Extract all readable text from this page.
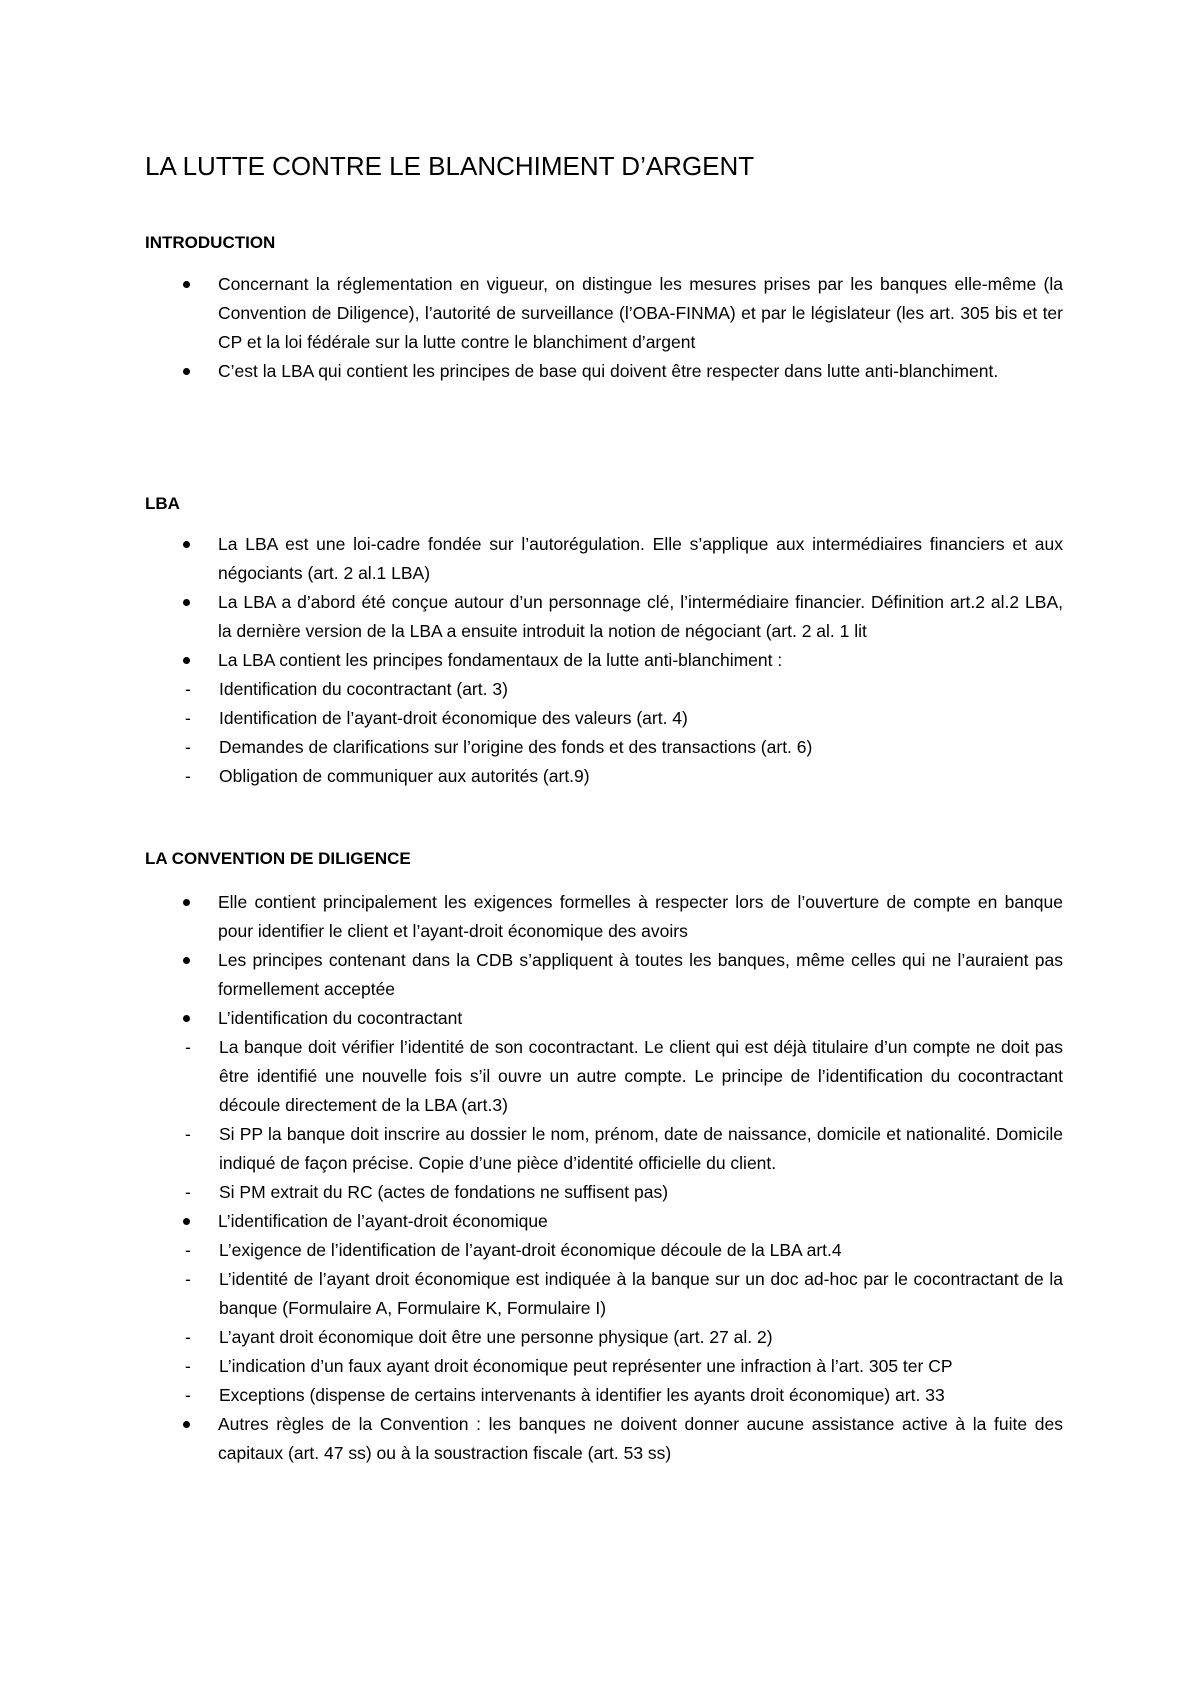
LA LUTTE CONTRE LE BLANCHIMENT D’ARGENT
INTRODUCTION
Concernant la réglementation en vigueur, on distingue les mesures prises par les banques elle-même (la Convention de Diligence), l’autorité de surveillance (l’OBA-FINMA) et par le législateur (les art. 305 bis et ter CP et la loi fédérale sur la lutte contre le blanchiment d’argent
C’est la LBA qui contient les principes de base qui doivent être respecter dans lutte anti-blanchiment.
LBA
La LBA est une loi-cadre fondée sur l’autorégulation. Elle s’applique aux intermédiaires financiers et aux négociants (art. 2 al.1 LBA)
La LBA a d’abord été conçue autour d’un personnage clé, l’intermédiaire financier. Définition art.2 al.2 LBA, la dernière version de la LBA a ensuite introduit la notion de négociant (art. 2 al. 1 lit
La LBA contient les principes fondamentaux de la lutte anti-blanchiment :
- Identification du cocontractant (art. 3)
- Identification de l’ayant-droit économique des valeurs (art. 4)
- Demandes de clarifications sur l’origine des fonds et des transactions (art. 6)
- Obligation de communiquer aux autorités (art.9)
LA CONVENTION DE DILIGENCE
Elle contient principalement les exigences formelles à respecter lors de l’ouverture de compte en banque pour identifier le client et l’ayant-droit économique des avoirs
Les principes contenant dans la CDB s’appliquent à toutes les banques, même celles qui ne l’auraient pas formellement acceptée
L’identification du cocontractant
- La banque doit vérifier l’identité de son cocontractant. Le client qui est déjà titulaire d’un compte ne doit pas être identifié une nouvelle fois s’il ouvre un autre compte. Le principe de l’identification du cocontractant découle directement de la LBA (art.3)
- Si PP la banque doit inscrire au dossier le nom, prénom, date de naissance, domicile et nationalité. Domicile indiqué de façon précise. Copie d’une pièce d’identité officielle du client.
- Si PM extrait du RC (actes de fondations ne suffisent pas)
L’identification de l’ayant-droit économique
- L’exigence de l’identification de l’ayant-droit économique découle de la LBA art.4
- L’identité de l’ayant droit économique est indiquée à la banque sur un doc ad-hoc par le cocontractant de la banque (Formulaire A, Formulaire K, Formulaire I)
- L’ayant droit économique doit être une personne physique (art. 27 al. 2)
- L’indication d’un faux ayant droit économique peut représenter une infraction à l’art. 305 ter CP
- Exceptions (dispense de certains intervenants à identifier les ayants droit économique) art. 33
Autres règles de la Convention : les banques ne doivent donner aucune assistance active à la fuite des capitaux (art. 47 ss) ou à la soustraction fiscale (art. 53 ss)
